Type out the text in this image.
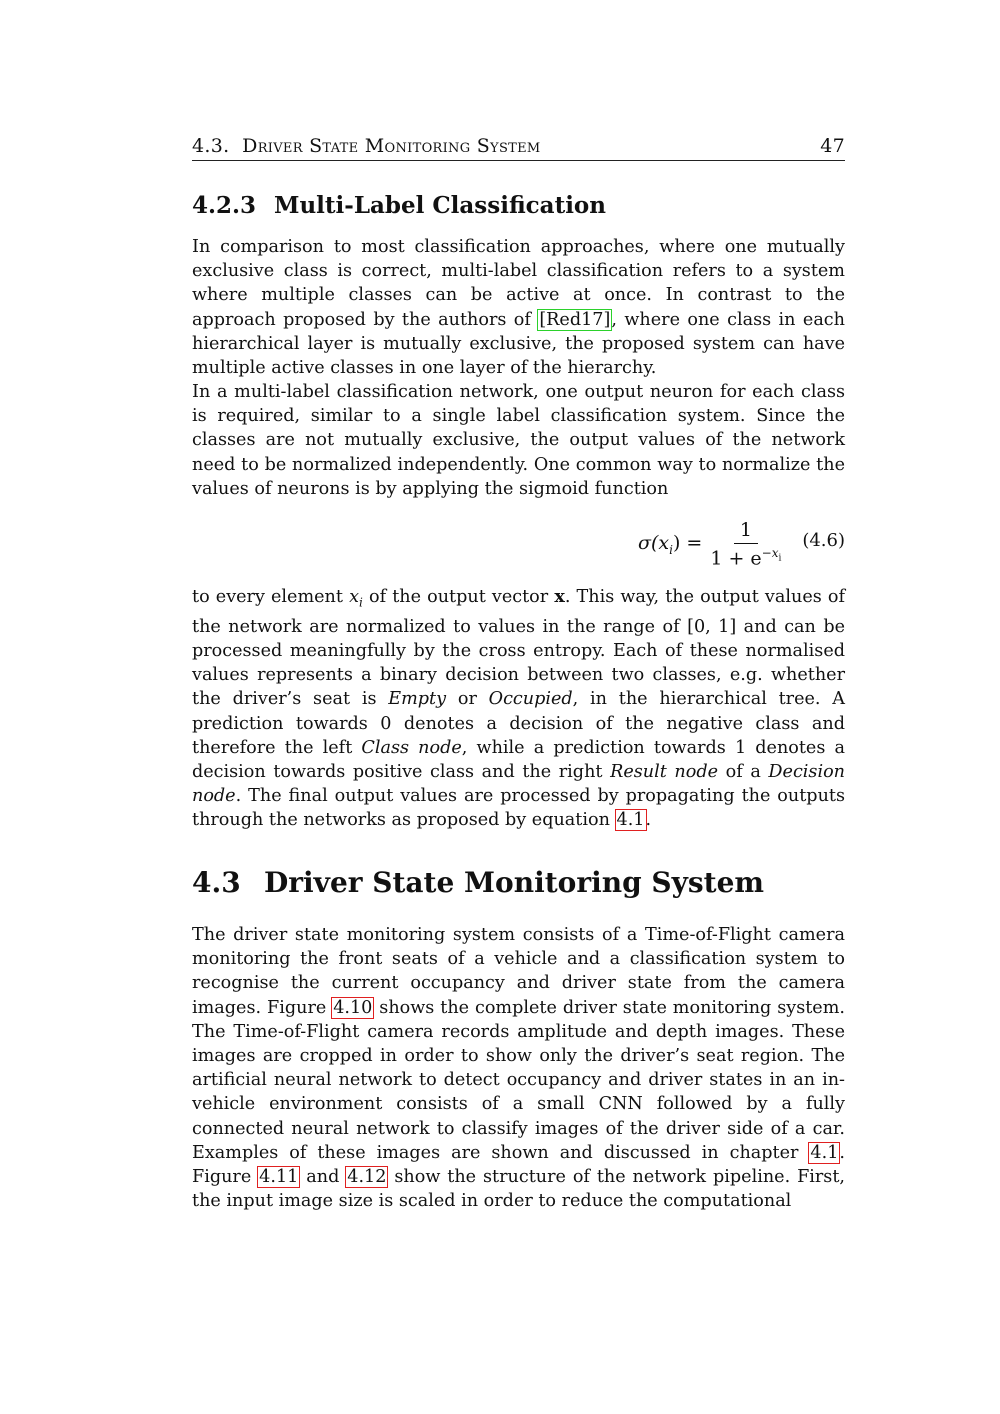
4.3. Driver State Monitoring System	47
4.2.3 Multi-Label Classification

In comparison to most classification approaches, where one mutually exclusive class is correct, multi-label classification refers to a system where multiple classes can be active at once. In contrast to the approach proposed by the authors of [Red17], where one class in each hierarchical layer is mutually exclusive, the proposed system can have multiple active classes in one layer of the hierarchy.

In a multi-label classification network, one output neuron for each class is required, similar to a single label classification system. Since the classes are not mutually exclusive, the output values of the network need to be normalized independently. One common way to normalize the values of neurons is by applying the sigmoid function

$\sigma(x_i) = \frac{1}{1 + e^{-x_i}} (4.6)$

to every element $x_i$ of the output vector x. This way, the output values of the network are normalized to values in the range of [0, 1] and can be processed meaningfully by the cross entropy. Each of these normalised values represents a binary decision between two classes, e.g. whether the driver’s seat is Empty or Occupied, in the hierarchical tree. A prediction towards 0 denotes a decision of the negative class and therefore the left Class node, while a prediction towards 1 denotes a decision towards positive class and the right Result node of a Decision node. The final output values are processed by propagating the outputs through the networks as proposed by equation 4.1.

4.3 Driver State Monitoring System

The driver state monitoring system consists of a Time-of-Flight camera monitoring the front seats of a vehicle and a classification system to recognise the current occupancy and driver state from the camera images. Figure 4.10 shows the complete driver state monitoring system. The Time-of-Flight camera records amplitude and depth images. These images are cropped in order to show only the driver’s seat region. The artificial neural network to detect occupancy and driver states in an in-vehicle environment consists of a small CNN followed by a fully connected neural network to classify images of the driver side of a car. Examples of these images are shown and discussed in chapter 4.1. Figure 4.11 and 4.12 show the structure of the network pipeline. First, the input image size is scaled in order to reduce the computational
